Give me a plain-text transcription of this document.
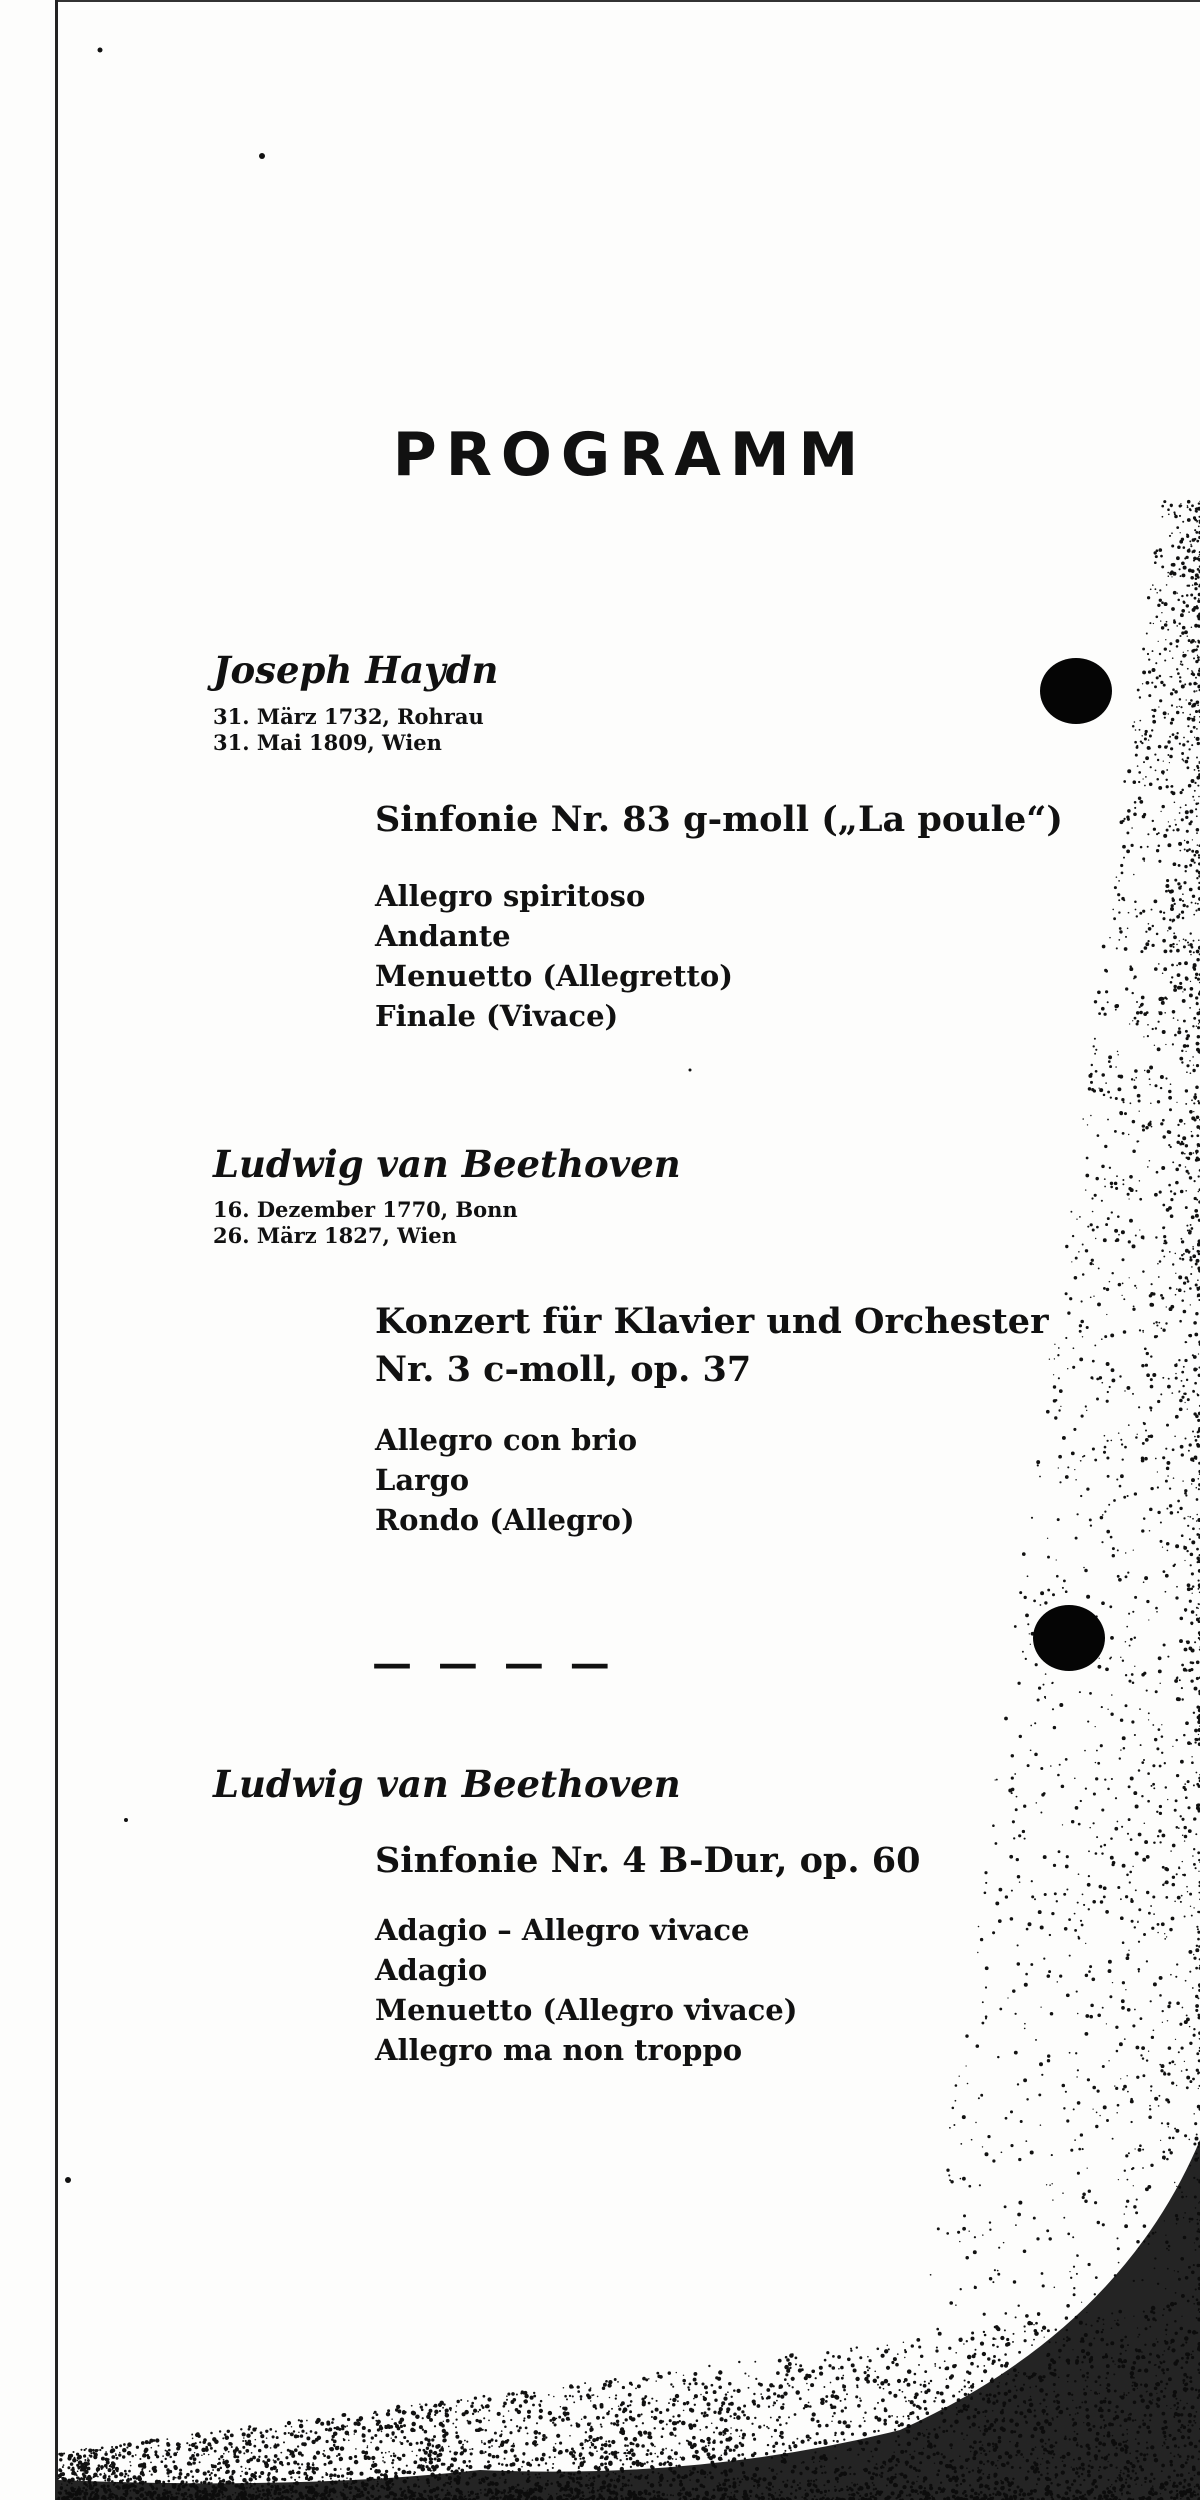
PROGRAMM
Joseph Haydn
31. März 1732, Rohrau
31. Mai 1809, Wien
Sinfonie Nr. 83 g-moll („La poule“)
Allegro spiritoso
Andante
Menuetto (Allegretto)
Finale (Vivace)
Ludwig van Beethoven
16. Dezember 1770, Bonn
26. März 1827, Wien
Konzert für Klavier und Orchester
Nr. 3 c-moll, op. 37
Allegro con brio
Largo
Rondo (Allegro)
— — — —
Ludwig van Beethoven
Sinfonie Nr. 4 B-Dur, op. 60
Adagio – Allegro vivace
Adagio
Menuetto (Allegro vivace)
Allegro ma non troppo
